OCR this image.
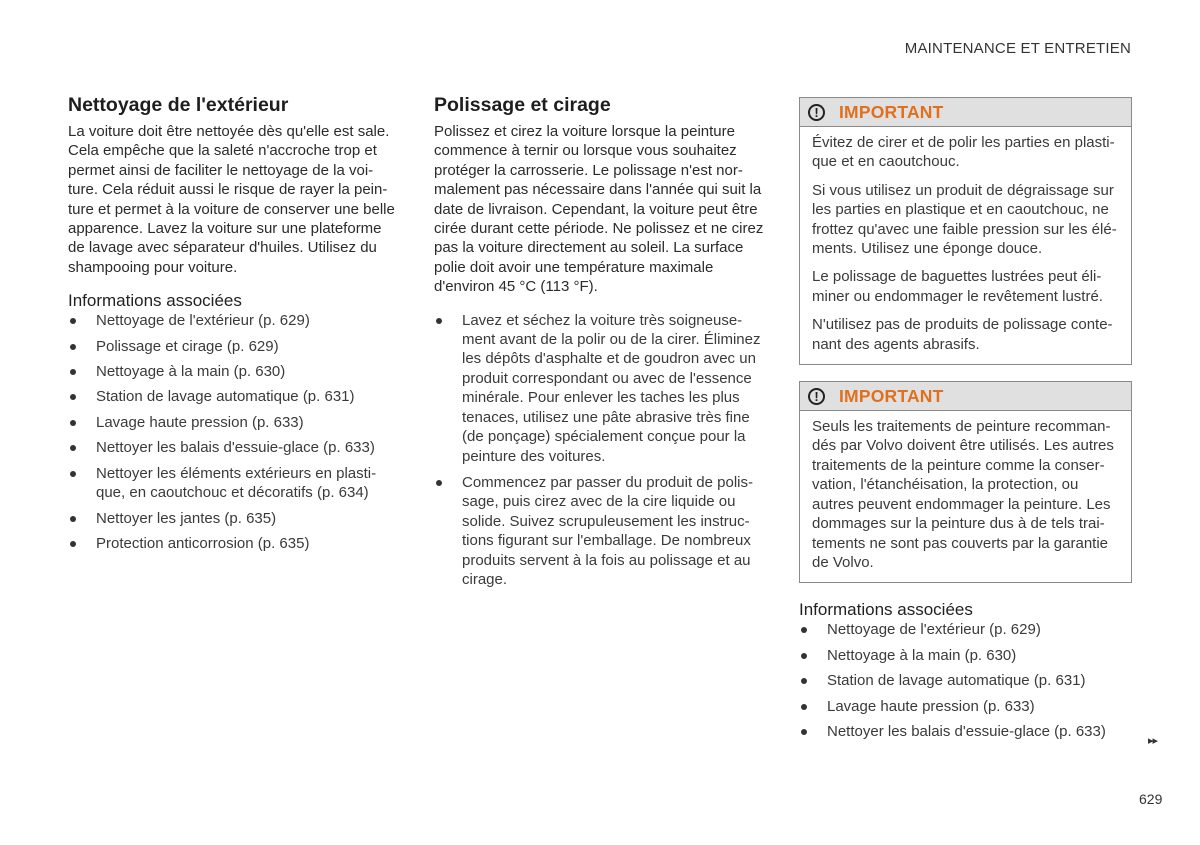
MAINTENANCE ET ENTRETIEN
Nettoyage de l'extérieur

La voiture doit être nettoyée dès qu'elle est sale. Cela empêche que la saleté n'accroche trop et permet ainsi de faciliter le nettoyage de la voiture. Cela réduit aussi le risque de rayer la peinture et permet à la voiture de conserver une belle apparence. Lavez la voiture sur une plateforme de lavage avec séparateur d'huiles. Utilisez du shampooing pour voiture.

Informations associées
Nettoyage de l'extérieur (p. 629)
Polissage et cirage (p. 629)
Nettoyage à la main (p. 630)
Station de lavage automatique (p. 631)
Lavage haute pression (p. 633)
Nettoyer les balais d'essuie-glace (p. 633)
Nettoyer les éléments extérieurs en plastique, en caoutchouc et décoratifs (p. 634)
Nettoyer les jantes (p. 635)
Protection anticorrosion (p. 635)
Polissage et cirage

Polissez et cirez la voiture lorsque la peinture commence à ternir ou lorsque vous souhaitez protéger la carrosserie. Le polissage n'est normalement pas nécessaire dans l'année qui suit la date de livraison. Cependant, la voiture peut être cirée durant cette période. Ne polissez et ne cirez pas la voiture directement au soleil. La surface polie doit avoir une température maximale d'environ 45 °C (113 °F).

Lavez et séchez la voiture très soigneusement avant de la polir ou de la cirer. Éliminez les dépôts d'asphalte et de goudron avec un produit correspondant ou avec de l'essence minérale. Pour enlever les taches les plus tenaces, utilisez une pâte abrasive très fine (de ponçage) spécialement conçue pour la peinture des voitures.
Commencez par passer du produit de polissage, puis cirez avec de la cire liquide ou solide. Suivez scrupuleusement les instructions figurant sur l'emballage. De nombreux produits servent à la fois au polissage et au cirage.
!	IMPORTANT

Évitez de cirer et de polir les parties en plastique et en caoutchouc.

Si vous utilisez un produit de dégraissage sur les parties en plastique et en caoutchouc, ne frottez qu'avec une faible pression sur les éléments. Utilisez une éponge douce.

Le polissage de baguettes lustrées peut éliminer ou endommager le revêtement lustré.

N'utilisez pas de produits de polissage contenant des agents abrasifs.

!	IMPORTANT

Seuls les traitements de peinture recommandés par Volvo doivent être utilisés. Les autres traitements de la peinture comme la conservation, l'étanchéisation, la protection, ou autres peuvent endommager la peinture. Les dommages sur la peinture dus à de tels traitements ne sont pas couverts par la garantie de Volvo.

Informations associées
Nettoyage de l'extérieur (p. 629)
Nettoyage à la main (p. 630)
Station de lavage automatique (p. 631)
Lavage haute pression (p. 633)
Nettoyer les balais d'essuie-glace (p. 633)
▸▸
629
